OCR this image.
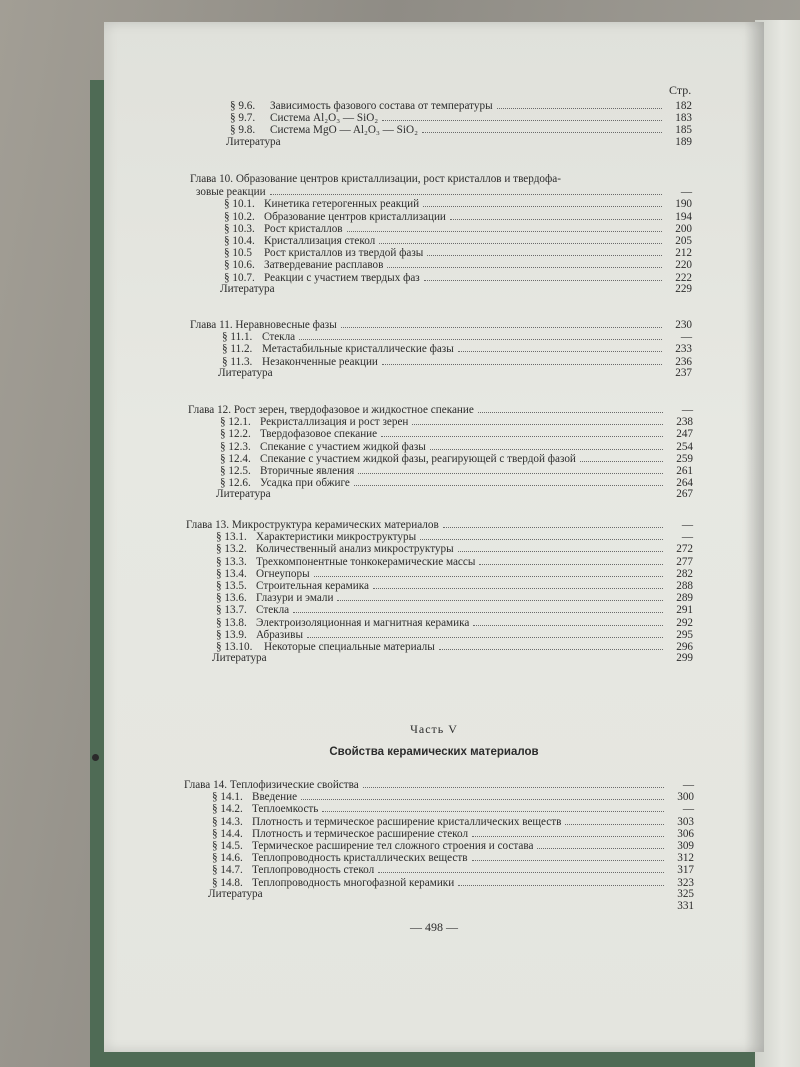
Стр.
Часть V
Свойства керамических материалов
— 498 —
§ 9.6.	Зависимость фазового состава от температуры	182
§ 9.7.	Система Al₂O₃ — SiO₂	183
§ 9.8.	Система MgO — Al₂O₃ — SiO₂	185
Литература	189
Глава 10. Образование центров кристаллизации, рост кристаллов и твердофа-
зовые реакции	—
§ 10.1. Кинетика гетерогенных реакций	190
§ 10.2. Образование центров кристаллизации	194
§ 10.3. Рост кристаллов	200
§ 10.4. Кристаллизация стекол	205
§ 10.5	Рост кристаллов из твердой фазы	212
§ 10.6. Затвердевание расплавов	220
§ 10.7. Реакции с участием твердых фаз	222
Литература	229
Глава 11. Неравновесные фазы	230
§ 11.1. Стекла	—
§ 11.2. Метастабильные кристаллические фазы	233
§ 11.3. Незаконченные реакции	236
Литература	237
Глава 12. Рост зерен, твердофазовое и жидкостное спекание	—
§ 12.1. Рекристаллизация и рост зерен	238
§ 12.2. Твердофазовое спекание	247
§ 12.3. Спекание с участием жидкой фазы	254
§ 12.4. Спекание с участием жидкой фазы, реагирующей с твердой фазой	259
§ 12.5. Вторичные явления	261
§ 12.6. Усадка при обжиге	264
Литература	267
Глава 13. Микроструктура керамических материалов	—
§ 13.1. Характеристики микроструктуры	—
§ 13.2. Количественный анализ микроструктуры	272
§ 13.3. Трехкомпонентные тонкокерамические массы	277
§ 13.4. Огнеупоры	282
§ 13.5. Строительная керамика	288
§ 13.6. Глазури и эмали	289
§ 13.7. Стекла	291
§ 13.8. Электроизоляционная и магнитная керамика	292
§ 13.9. Абразивы	295
§ 13.10.	Некоторые специальные материалы	296
Литература	299
Глава 14. Теплофизические свойства	—
§ 14.1. Введение	300
§ 14.2. Теплоемкость	—
§ 14.3. Плотность и термическое расширение кристаллических веществ	303
§ 14.4. Плотность и термическое расширение стекол	306
§ 14.5. Термическое расширение тел сложного строения и состава	309
§ 14.6. Теплопроводность кристаллических веществ	312
§ 14.7. Теплопроводность стекол	317
§ 14.8. Теплопроводность многофазной керамики	323
Литература	325
331
